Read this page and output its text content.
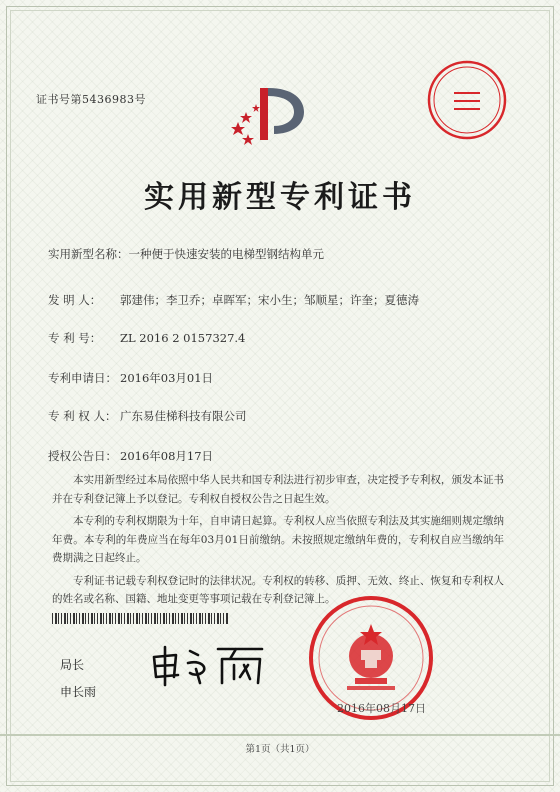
证书号第5436983号
实用新型专利证书
实用新型名称：一种便于快速安装的电梯型钢结构单元
发 明 人： 郭建伟；李卫乔；卓晖军；宋小生；邹顺星；许奎；夏德涛
专 利 号： ZL 2016 2 0157327.4
专利申请日： 2016年03月01日
专 利 权 人： 广东易佳梯科技有限公司
授权公告日： 2016年08月17日

本实用新型经过本局依照中华人民共和国专利法进行初步审查，决定授予专利权，颁发本证书并在专利登记簿上予以登记。专利权自授权公告之日起生效。

本专利的专利权期限为十年，自申请日起算。专利权人应当依照专利法及其实施细则规定缴纳年费。本专利的年费应当在每年03月01日前缴纳。未按照规定缴纳年费的，专利权自应当缴纳年费期满之日起终止。

专利证书记载专利权登记时的法律状况。专利权的转移、质押、无效、终止、恢复和专利权人的姓名或名称、国籍、地址变更等事项记载在专利登记簿上。

局长
申长雨
2016年08月17日
第1页（共1页）
